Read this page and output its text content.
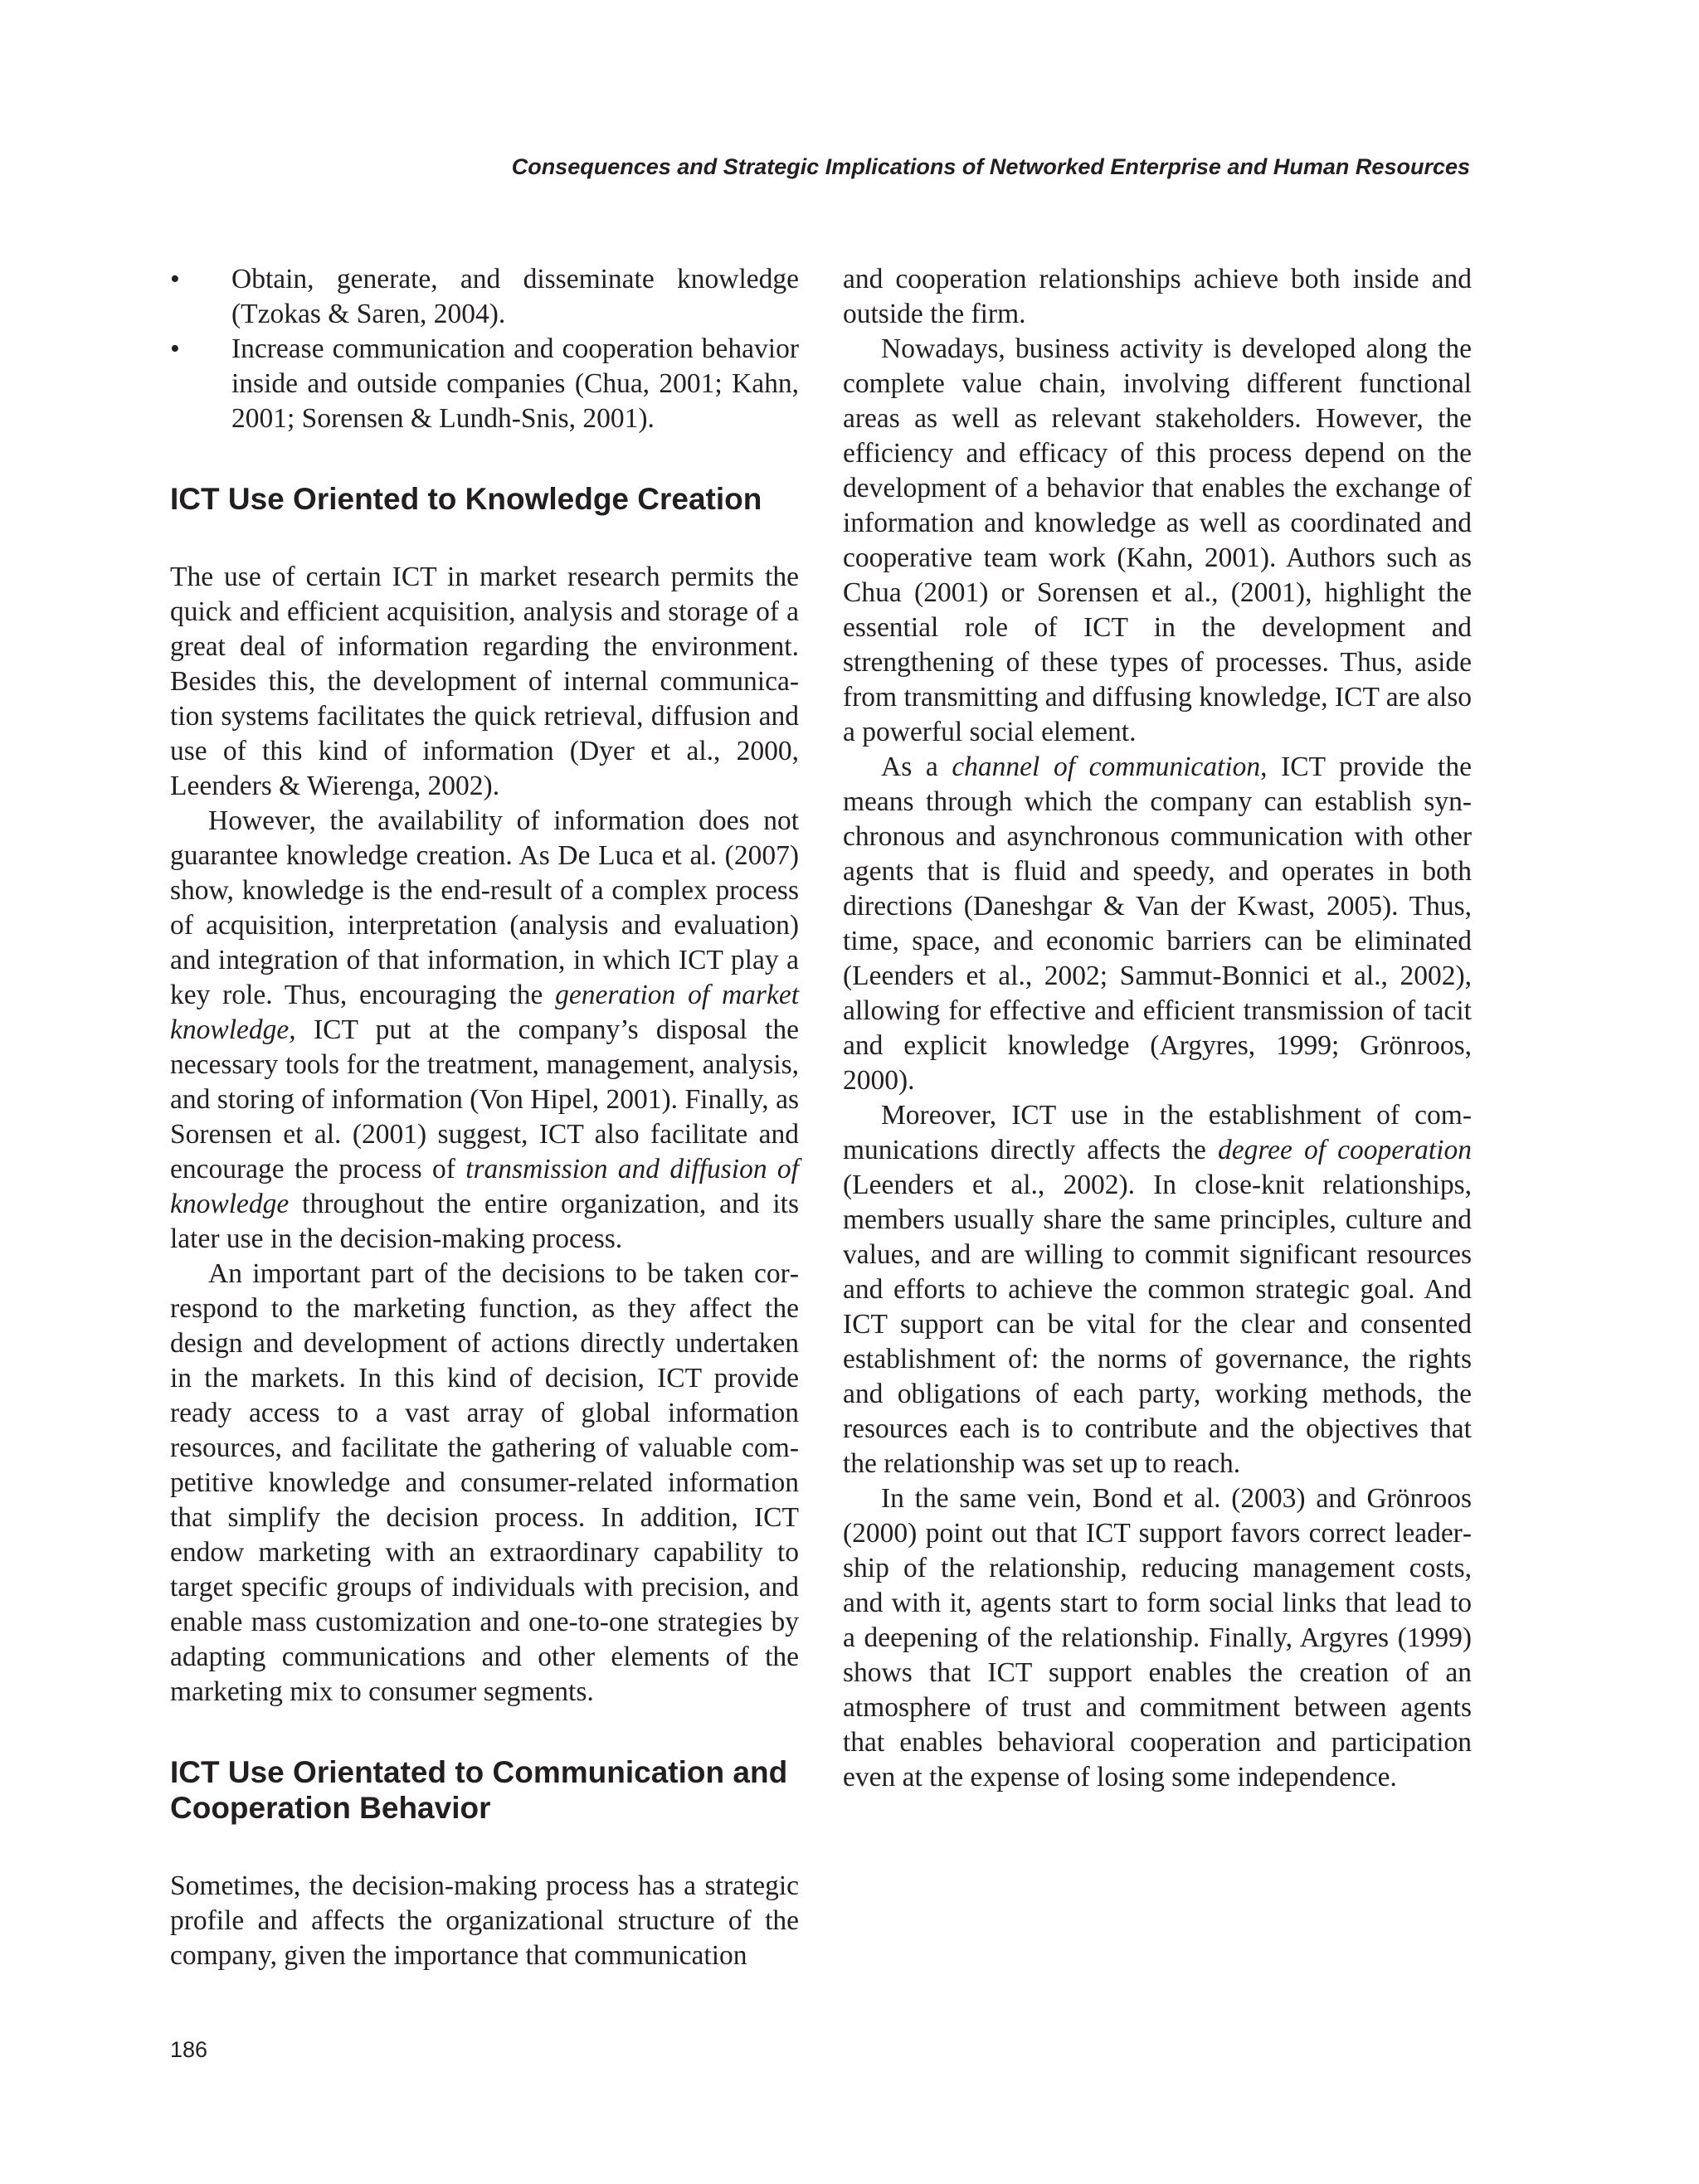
Consequences and Strategic Implications of Networked Enterprise and Human Resources

• Obtain, generate, and disseminate knowledge (Tzokas & Saren, 2004).
• Increase communication and cooperation behavior inside and outside companies (Chua, 2001; Kahn, 2001; Sorensen & Lundh-Snis, 2001).
ICT Use Oriented to Knowledge Creation

The use of certain ICT in market research permits the quick and efficient acquisition, analysis and storage of a great deal of information regarding the environment. Besides this, the development of internal communication systems facilitates the quick retrieval, diffusion and use of this kind of information (Dyer et al., 2000, Leenders & Wierenga, 2002).

However, the availability of information does not guarantee knowledge creation. As De Luca et al. (2007) show, knowledge is the end-result of a complex process of acquisition, interpretation (analysis and evaluation) and integration of that information, in which ICT play a key role. Thus, encouraging the generation of market knowledge, ICT put at the company’s disposal the necessary tools for the treatment, management, analysis, and storing of information (Von Hipel, 2001). Finally, as Sorensen et al. (2001) suggest, ICT also facilitate and encourage the process of transmission and diffusion of knowledge throughout the entire organization, and its later use in the decision-making process.

An important part of the decisions to be taken correspond to the marketing function, as they affect the design and development of actions directly undertaken in the markets. In this kind of decision, ICT provide ready access to a vast array of global information resources, and facilitate the gathering of valuable competitive knowledge and consumer-related information that simplify the decision process. In addition, ICT endow marketing with an extraordinary capability to target specific groups of individuals with precision, and enable mass customization and one-to-one strategies by adapting communications and other elements of the marketing mix to consumer segments.

ICT Use Orientated to Communication and Cooperation Behavior

Sometimes, the decision-making process has a strategic profile and affects the organizational structure of the company, given the importance that communication

and cooperation relationships achieve both inside and outside the firm.

Nowadays, business activity is developed along the complete value chain, involving different functional areas as well as relevant stakeholders. However, the efficiency and efficacy of this process depend on the development of a behavior that enables the exchange of information and knowledge as well as coordinated and cooperative team work (Kahn, 2001). Authors such as Chua (2001) or Sorensen et al., (2001), highlight the essential role of ICT in the development and strengthening of these types of processes. Thus, aside from transmitting and diffusing knowledge, ICT are also a powerful social element.

As a channel of communication, ICT provide the means through which the company can establish synchronous and asynchronous communication with other agents that is fluid and speedy, and operates in both directions (Daneshgar & Van der Kwast, 2005). Thus, time, space, and economic barriers can be eliminated (Leenders et al., 2002; Sammut-Bonnici et al., 2002), allowing for effective and efficient transmission of tacit and explicit knowledge (Argyres, 1999; Grönroos, 2000).

Moreover, ICT use in the establishment of communications directly affects the degree of cooperation (Leenders et al., 2002). In close-knit relationships, members usually share the same principles, culture and values, and are willing to commit significant resources and efforts to achieve the common strategic goal. And ICT support can be vital for the clear and consented establishment of: the norms of governance, the rights and obligations of each party, working methods, the resources each is to contribute and the objectives that the relationship was set up to reach.

In the same vein, Bond et al. (2003) and Grönroos (2000) point out that ICT support favors correct leadership of the relationship, reducing management costs, and with it, agents start to form social links that lead to a deepening of the relationship. Finally, Argyres (1999) shows that ICT support enables the creation of an atmosphere of trust and commitment between agents that enables behavioral cooperation and participation even at the expense of losing some independence.

186
